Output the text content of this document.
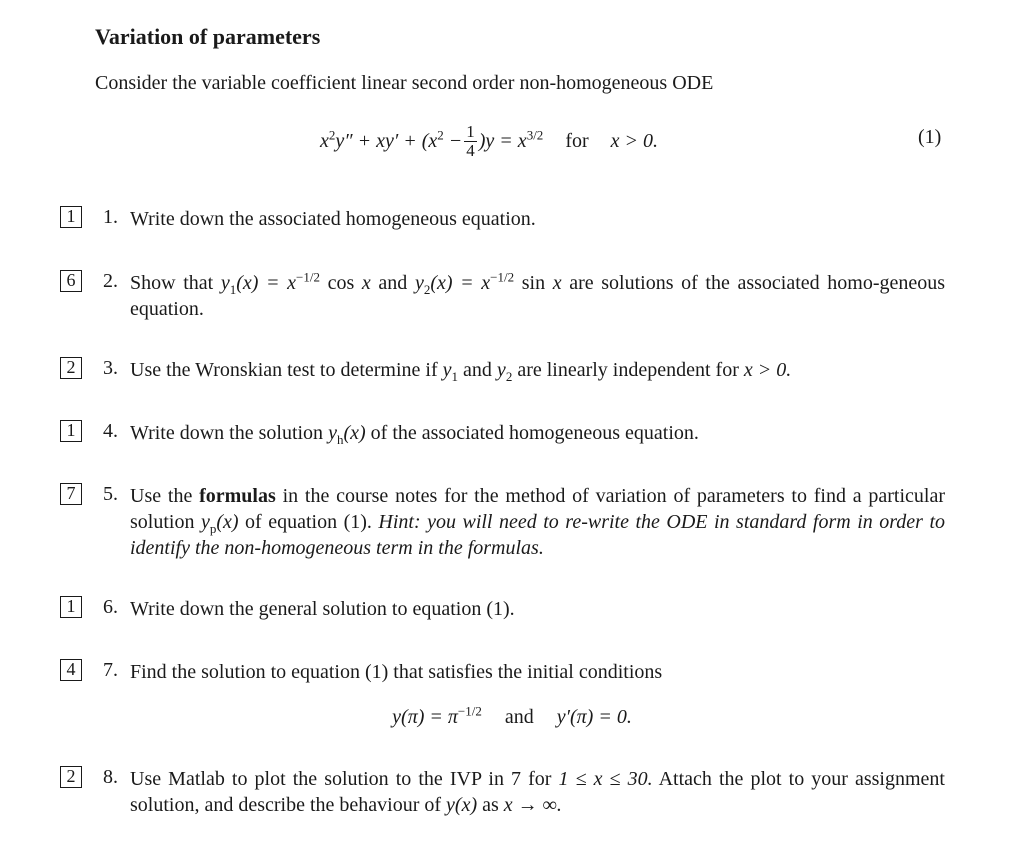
Variation of parameters
Consider the variable coefficient linear second order non-homogeneous ODE
$x^2y'' + xy' + (x^2 - \frac{1}{4} )y = x^{3/2}$ for x > 0.	(1)
1	1. Write down the associated homogeneous equation.
6	2. Show that $y_1(x) = x^{-1/2}$ cos x and $y_2(x) = x^{-1/2}$ sin x are solutions of the associated homo-geneous equation.
2	3. Use the Wronskian test to determine if $y_1$ and $y_2$ are linearly independent for x > 0.
1	4. Write down the solution $y_h(x)$ of the associated homogeneous equation.
7	5. Use the formulas in the course notes for the method of variation of parameters to find a particular solution $y_p(x)$ of equation (1). Hint: you will need to re-write the ODE in standard form in order to identify the non-homogeneous term in the formulas.
1	6. Write down the general solution to equation (1).
4	7. Find the solution to equation (1) that satisfies the initial conditions
$y(\pi) = \pi^{-1/2}$ and y′(π) = 0.
2	8. Use Matlab to plot the solution to the IVP in 7 for 1 ≤ x ≤ 30. Attach the plot to your assignment solution, and describe the behaviour of y(x) as x → ∞.
